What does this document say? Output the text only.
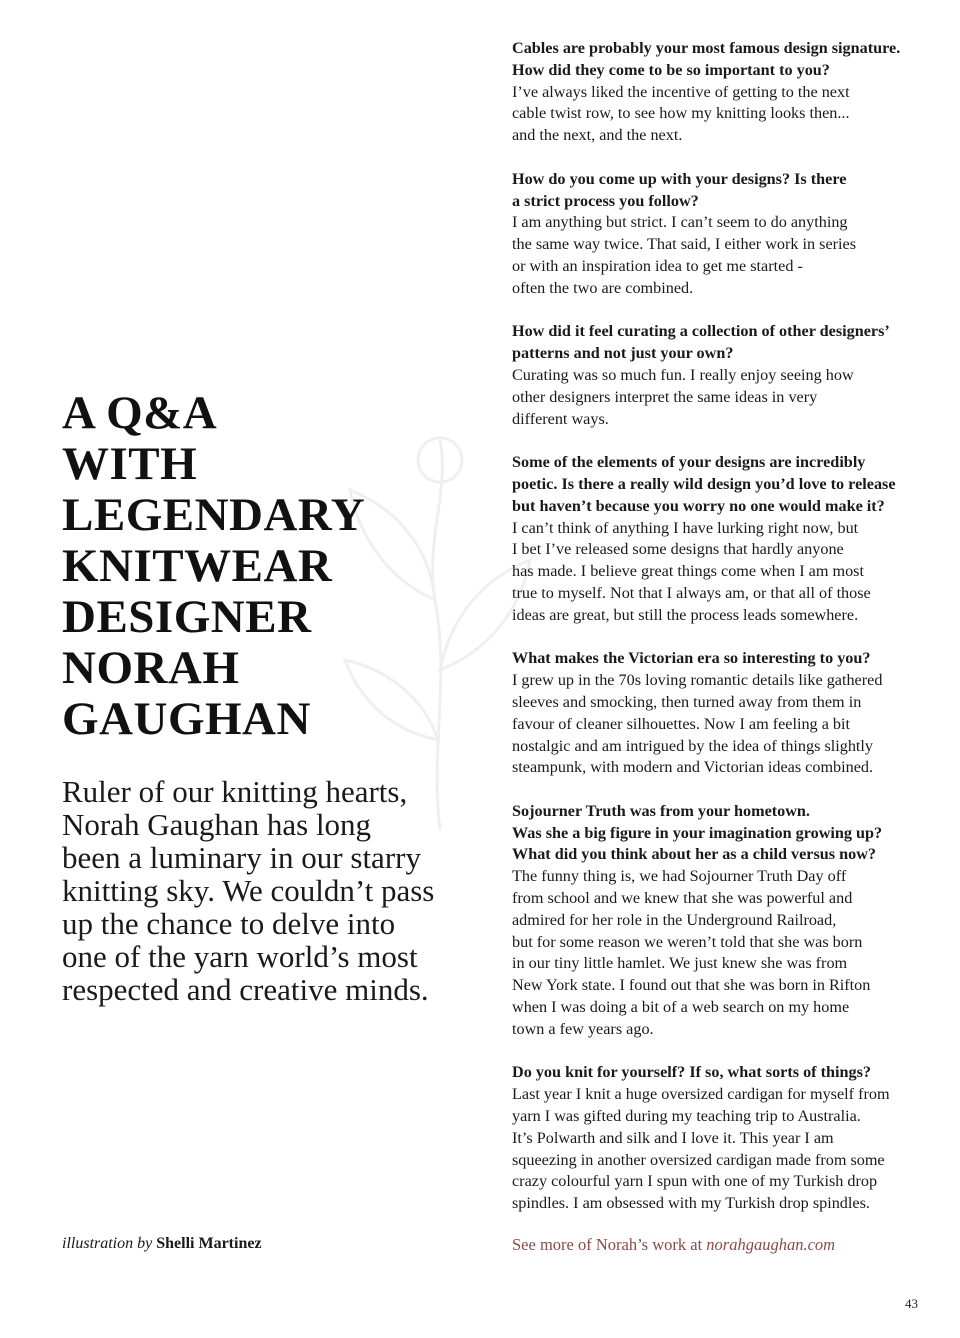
A Q&A
WITH
LEGENDARY
KNITWEAR
DESIGNER
NORAH
GAUGHAN

Ruler of our knitting hearts,
Norah Gaughan has long
been a luminary in our starry
knitting sky. We couldn’t pass
up the chance to delve into
one of the yarn world’s most
respected and creative minds.

illustration by Shelli Martinez
Cables are probably your most famous design signature.
How did they come to be so important to you?
I’ve always liked the incentive of getting to the next
cable twist row, to see how my knitting looks then...
and the next, and the next.
How do you come up with your designs? Is there
a strict process you follow?
I am anything but strict. I can’t seem to do anything
the same way twice. That said, I either work in series
or with an inspiration idea to get me started -
often the two are combined.
How did it feel curating a collection of other designers’
patterns and not just your own?
Curating was so much fun. I really enjoy seeing how
other designers interpret the same ideas in very
different ways.
Some of the elements of your designs are incredibly
poetic. Is there a really wild design you’d love to release
but haven’t because you worry no one would make it?
I can’t think of anything I have lurking right now, but
I bet I’ve released some designs that hardly anyone
has made. I believe great things come when I am most
true to myself. Not that I always am, or that all of those
ideas are great, but still the process leads somewhere.
What makes the Victorian era so interesting to you?
I grew up in the 70s loving romantic details like gathered
sleeves and smocking, then turned away from them in
favour of cleaner silhouettes. Now I am feeling a bit
nostalgic and am intrigued by the idea of things slightly
steampunk, with modern and Victorian ideas combined.
Sojourner Truth was from your hometown.
Was she a big figure in your imagination growing up?
What did you think about her as a child versus now?
The funny thing is, we had Sojourner Truth Day off
from school and we knew that she was powerful and
admired for her role in the Underground Railroad,
but for some reason we weren’t told that she was born
in our tiny little hamlet. We just knew she was from
New York state. I found out that she was born in Rifton
when I was doing a bit of a web search on my home
town a few years ago.
Do you knit for yourself? If so, what sorts of things?
Last year I knit a huge oversized cardigan for myself from
yarn I was gifted during my teaching trip to Australia.
It’s Polwarth and silk and I love it. This year I am
squeezing in another oversized cardigan made from some
crazy colourful yarn I spun with one of my Turkish drop
spindles. I am obsessed with my Turkish drop spindles.
See more of Norah’s work at norahgaughan.com
43
